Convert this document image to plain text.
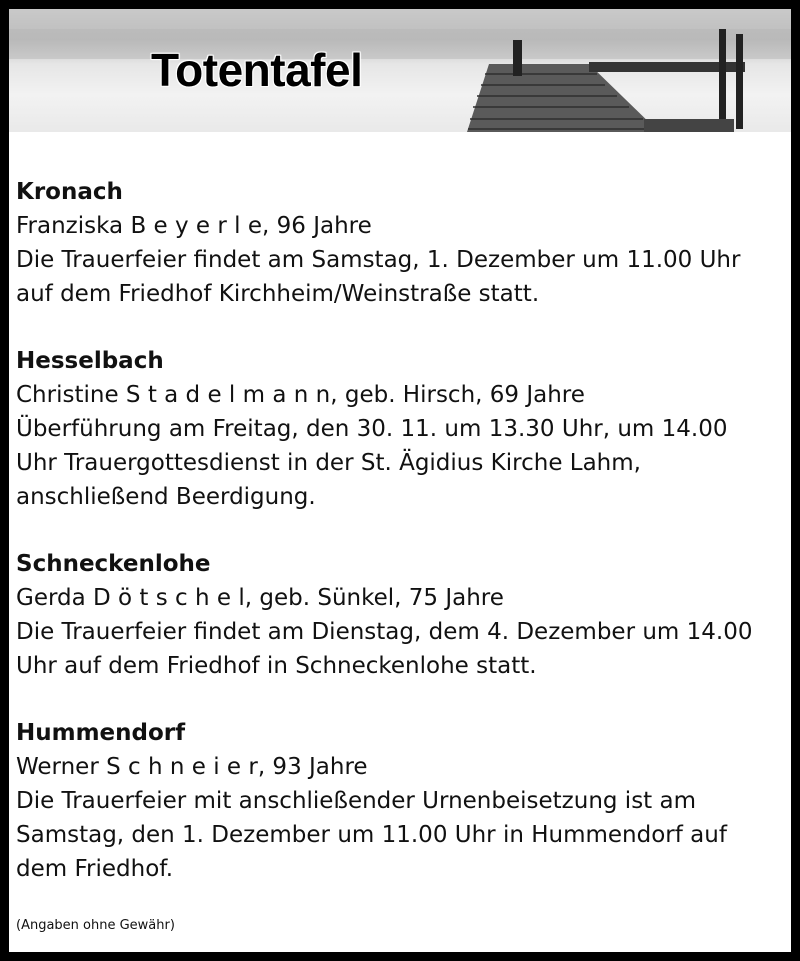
Totentafel
Kronach

Franziska B e y e r l e, 96 Jahre

Die Trauerfeier findet am Samstag, 1. Dezember um 11.00 Uhr

auf dem Friedhof Kirchheim/Weinstraße statt.

Hesselbach

Christine S t a d e l m a n n, geb. Hirsch, 69 Jahre

Überführung am Freitag, den 30. 11. um 13.30 Uhr, um 14.00

Uhr Trauergottesdienst in der St. Ägidius Kirche Lahm,

anschließend Beerdigung.

Schneckenlohe

Gerda D ö t s c h e l, geb. Sünkel, 75 Jahre

Die Trauerfeier findet am Dienstag, dem 4. Dezember um 14.00

Uhr auf dem Friedhof in Schneckenlohe statt.

Hummendorf

Werner S c h n e i e r, 93 Jahre

Die Trauerfeier mit anschließender Urnenbeisetzung ist am

Samstag, den 1. Dezember um 11.00 Uhr in Hummendorf auf

dem Friedhof.

(Angaben ohne Gewähr)
